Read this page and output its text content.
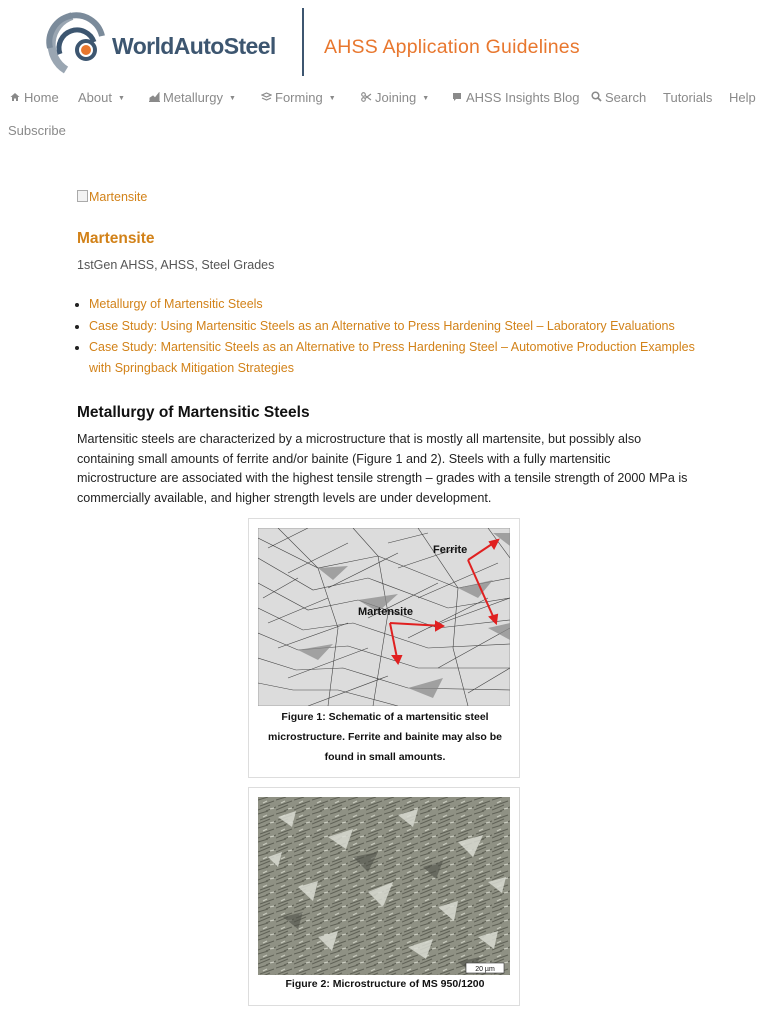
WorldAutoSteel AHSS Application Guidelines
Home About ▼	Metallurgy ▼	Forming ▼	Joining ▼	AHSS Insights Blog	Search Tutorials Help
Subscribe
Martensite
Martensite
1stGen AHSS, AHSS, Steel Grades
• Metallurgy of Martensitic Steels
• Case Study: Using Martensitic Steels as an Alternative to Press Hardening Steel – Laboratory Evaluations
• Case Study: Martensitic Steels as an Alternative to Press Hardening Steel – Automotive Production Examples with Springback Mitigation Strategies
Metallurgy of Martensitic Steels

Martensitic steels are characterized by a microstructure that is mostly all martensite, but possibly also containing small amounts of ferrite and/or bainite (Figure 1 and 2). Steels with a fully martensitic microstructure are associated with the highest tensile strength – grades with a tensile strength of 2000 MPa is commercially available, and higher strength levels are under development.

Ferrite
Martensite
Figure 1: Schematic of a martensitic steel microstructure. Ferrite and bainite may also be found in small amounts.
20 µm
Figure 2: Microstructure of MS 950/1200
